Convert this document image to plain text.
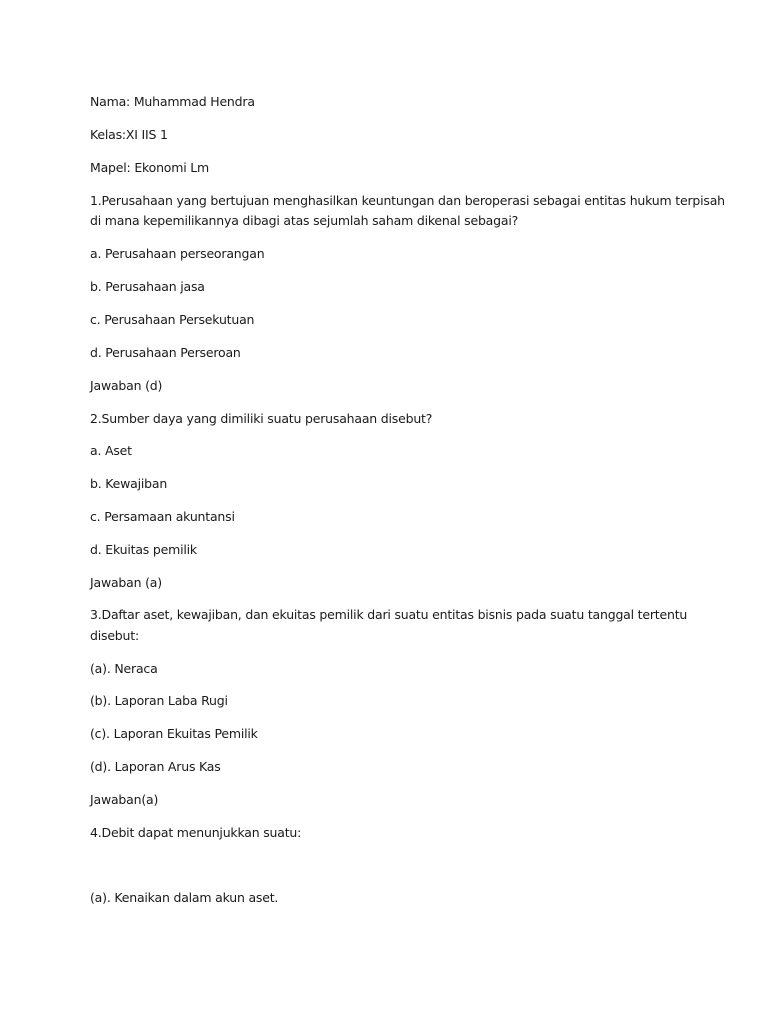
Nama: Muhammad Hendra

Kelas:XI IIS 1

Mapel: Ekonomi Lm

1.Perusahaan yang bertujuan menghasilkan keuntungan dan beroperasi sebagai entitas hukum terpisah

di mana kepemilikannya dibagi atas sejumlah saham dikenal sebagai?

a. Perusahaan perseorangan

b. Perusahaan jasa

c. Perusahaan Persekutuan

d. Perusahaan Perseroan

Jawaban (d)

2.Sumber daya yang dimiliki suatu perusahaan disebut?

a. Aset

b. Kewajiban

c. Persamaan akuntansi

d. Ekuitas pemilik

Jawaban (a)

3.Daftar aset, kewajiban, dan ekuitas pemilik dari suatu entitas bisnis pada suatu tanggal tertentu

disebut:

(a). Neraca

(b). Laporan Laba Rugi

(c). Laporan Ekuitas Pemilik

(d). Laporan Arus Kas

Jawaban(a)

4.Debit dapat menunjukkan suatu:

(a). Kenaikan dalam akun aset.
